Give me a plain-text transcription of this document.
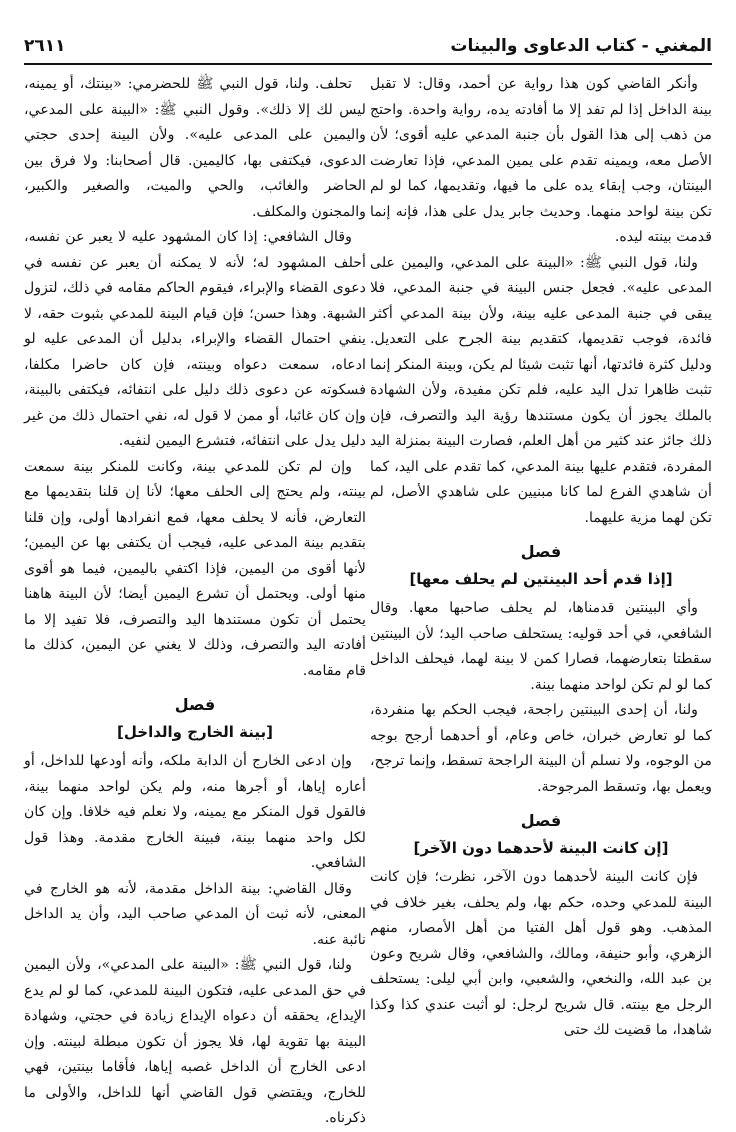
المغني - كتاب الدعاوى والبينات
٢٦١١

وأنكر القاضي كون هذا رواية عن أحمد، وقال: لا تقبل بينة الداخل إذا لم تفد إلا ما أفادته يده، رواية واحدة. واحتج من ذهب إلى هذا القول بأن جنبة المدعي عليه أقوى؛ لأن الأصل معه، ويمينه تقدم على يمين المدعي، فإذا تعارضت البينتان، وجب إبقاء يده على ما فيها، وتقديمها، كما لو لم تكن بينة لواحد منهما. وحديث جابر يدل على هذا، فإنه إنما قدمت بينته ليده.

ولنا، قول النبي ﷺ: «البينة على المدعي، واليمين على المدعى عليه». فجعل جنس البينة في جنبة المدعي، فلا يبقى في جنبة المدعى عليه بينة، ولأن بينة المدعي أكثر فائدة، فوجب تقديمها، كتقديم بينة الجرح على التعديل. ودليل كثرة فائدتها، أنها تثبت شيئا لم يكن، وبينة المنكر إنما تثبت ظاهرا تدل اليد عليه، فلم تكن مفيدة، ولأن الشهادة بالملك يجوز أن يكون مستندها رؤية اليد والتصرف، فإن ذلك جائز عند كثير من أهل العلم، فصارت البينة بمنزلة اليد المفردة، فتقدم عليها بينة المدعي، كما تقدم على اليد، كما أن شاهدي الفرع لما كانا مبنيين على شاهدي الأصل، لم تكن لهما مزية عليهما.

فصل
[إذا قدم أحد البينتين لم يحلف معها]

وأي البينتين قدمناها، لم يحلف صاحبها معها. وقال الشافعي، في أحد قوليه: يستحلف صاحب اليد؛ لأن البينتين سقطتا بتعارضهما، فصارا كمن لا بينة لهما، فيحلف الداخل كما لو لم تكن لواحد منهما بينة.

ولنا، أن إحدى البينتين راجحة، فيجب الحكم بها منفردة، كما لو تعارض خبران، خاص وعام، أو أحدهما أرجح بوجه من الوجوه، ولا نسلم أن البينة الراجحة تسقط، وإنما ترجح، ويعمل بها، وتسقط المرجوحة.

فصل
[إن كانت البينة لأحدهما دون الآخر]

فإن كانت البينة لأحدهما دون الآخر، نظرت؛ فإن كانت البينة للمدعي وحده، حكم بها، ولم يحلف، بغير خلاف في المذهب. وهو قول أهل الفتيا من أهل الأمصار، منهم الزهري، وأبو حنيفة، ومالك، والشافعي، وقال شريح وعون بن عبد الله، والنخعي، والشعبي، وابن أبي ليلى: يستحلف الرجل مع بينته. قال شريح لرجل: لو أثبت عندي كذا وكذا شاهدا، ما قضيت لك حتى

تحلف. ولنا، قول النبي ﷺ للحضرمي: «بينتك، أو يمينه، ليس لك إلا ذلك». وقول النبي ﷺ: «البينة على المدعي، واليمين على المدعى عليه». ولأن البينة إحدى حجتي الدعوى، فيكتفى بها، كاليمين. قال أصحابنا: ولا فرق بين الحاضر والغائب، والحي والميت، والصغير والكبير، والمجنون والمكلف.

وقال الشافعي: إذا كان المشهود عليه لا يعبر عن نفسه، أحلف المشهود له؛ لأنه لا يمكنه أن يعبر عن نفسه في دعوى القضاء والإبراء، فيقوم الحاكم مقامه في ذلك، لتزول الشبهة. وهذا حسن؛ فإن قيام البينة للمدعي بثبوت حقه، لا ينفي احتمال القضاء والإبراء، بدليل أن المدعى عليه لو ادعاه، سمعت دعواه وبينته، فإن كان حاضرا مكلفا، فسكوته عن دعوى ذلك دليل على انتفائه، فيكتفى بالبينة، وإن كان غائبا، أو ممن لا قول له، نفي احتمال ذلك من غير دليل يدل على انتفائه، فتشرع اليمين لنفيه.

وإن لم تكن للمدعي بينة، وكانت للمنكر بينة سمعت بينته، ولم يحتج إلى الحلف معها؛ لأنا إن قلنا بتقديمها مع التعارض، فأنه لا يحلف معها، فمع انفرادها أولى، وإن قلنا بتقديم بينة المدعى عليه، فيجب أن يكتفى بها عن اليمين؛ لأنها أقوى من اليمين، فإذا اكتفي باليمين، فيما هو أقوى منها أولى. ويحتمل أن تشرع اليمين أيضا؛ لأن البينة هاهنا يحتمل أن تكون مستندها اليد والتصرف، فلا تفيد إلا ما أفادته اليد والتصرف، وذلك لا يغني عن اليمين، كذلك ما قام مقامه.

فصل
[بينة الخارج والداخل]

وإن ادعى الخارج أن الدابة ملكه، وأنه أودعها للداخل، أو أعاره إياها، أو أجرها منه، ولم يكن لواحد منهما بينة، فالقول قول المنكر مع يمينه، ولا نعلم فيه خلافا. وإن كان لكل واحد منهما بينة، فبينة الخارج مقدمة. وهذا قول الشافعي.

وقال القاضي: بينة الداخل مقدمة، لأنه هو الخارج في المعنى، لأنه ثبت أن المدعي صاحب اليد، وأن يد الداخل نائبة عنه.

ولنا، قول النبي ﷺ: «البينة على المدعي»، ولأن اليمين في حق المدعى عليه، فتكون البينة للمدعي، كما لو لم يدع الإيداع، يحققه أن دعواه الإيداع زيادة في حجتي، وشهادة البينة بها تقوية لها، فلا يجوز أن تكون مبطلة لبينته. وإن ادعى الخارج أن الداخل غصبه إياها، فأقاما بينتين، فهي للخارج، ويقتضي قول القاضي أنها للداخل، والأولى ما ذكرناه.
